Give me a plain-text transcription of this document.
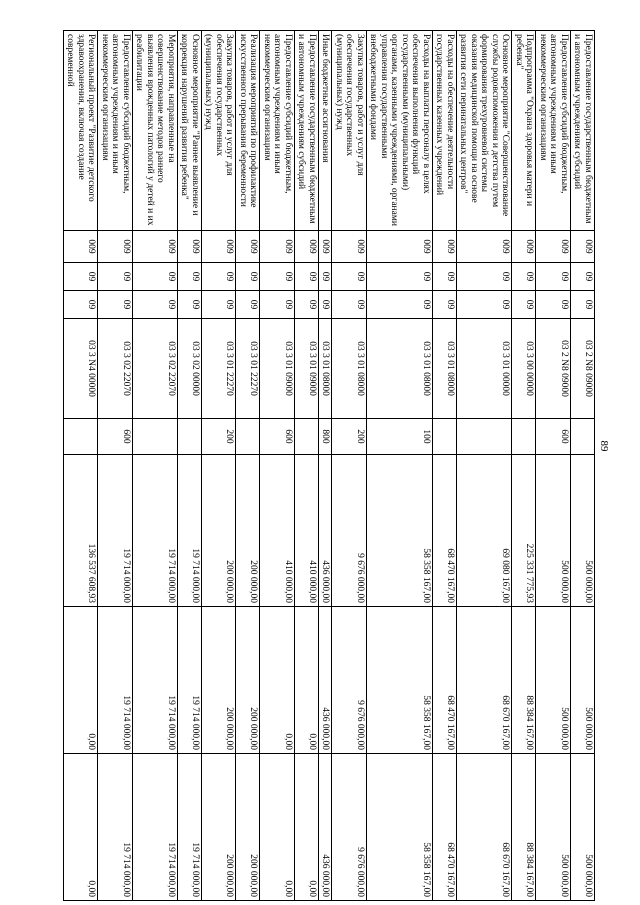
89
Предоставление государственным бюджетным и автономным учреждениям субсидий	009	09	09	03 2 N8 09000		500 000,00	500 000,00	500 000,00
Предоставление субсидий бюджетным, автономным учреждениям и иным некоммерческим организациям	009	09	09	03 2 N8 09000	600	500 000,00	500 000,00	500 000,00
Подпрограмма "Охрана здоровья матери и ребенка"	009	09	09	03 3 00 00000		225 331 775,93	88 384 167,00	88 384 167,00
Основное мероприятие "Совершенствование службы родовспоможения и детства путем формирования трехуровневой системы оказания медицинской помощи на основе развития сети перинатальных центров"	009	09	09	03 3 01 00000		69 080 167,00	68 670 167,00	68 670 167,00
Расходы на обеспечение деятельности государственных казенных учреждений	009	09	09	03 3 01 08000		68 470 167,00	68 470 167,00	68 470 167,00
Расходы на выплаты персоналу в целях обеспечения выполнения функций государственными (муниципальными) органами, казенными учреждениями, органами управления государственными внебюджетными фондами	009	09	09	03 3 01 08000	100	58 358 167,00	58 358 167,00	58 358 167,00
Закупка товаров, работ и услуг для обеспечения государственных (муниципальных) нужд	009	09	09	03 3 01 08000	200	9 676 000,00	9 676 000,00	9 676 000,00
Иные бюджетные ассигнования	009	09	09	03 3 01 08000	800	436 000,00	436 000,00	436 000,00
Предоставление государственным бюджетным и автономным учреждениям субсидий	009	09	09	03 3 01 09000		410 000,00	0,00	0,00
Предоставление субсидий бюджетным, автономным учреждениям и иным некоммерческим организациям	009	09	09	03 3 01 09000	600	410 000,00	0,00	0,00
Реализация мероприятий по профилактике искусственного прерывания беременности	009	09	09	03 3 01 22270		200 000,00	200 000,00	200 000,00
Закупка товаров, работ и услуг для обеспечения государственных (муниципальных) нужд	009	09	09	03 3 01 22270	200	200 000,00	200 000,00	200 000,00
Основное мероприятие "Раннее выявление и коррекция нарушений развития ребенка"	009	09	09	03 3 02 00000		19 714 000,00	19 714 000,00	19 714 000,00
Мероприятия, направленные на совершенствование методов раннего выявления врожденных патологий у детей и их реабилитации	009	09	09	03 3 02 22070		19 714 000,00	19 714 000,00	19 714 000,00
Предоставление субсидий бюджетным, автономным учреждениям и иным некоммерческим организациям	009	09	09	03 3 02 22070	600	19 714 000,00	19 714 000,00	19 714 000,00
Региональный проект "Развитие детского здравоохранения, включая создание современной	009	09	09	03 3 N4 00000		136 537 608,93	0,00	0,00
